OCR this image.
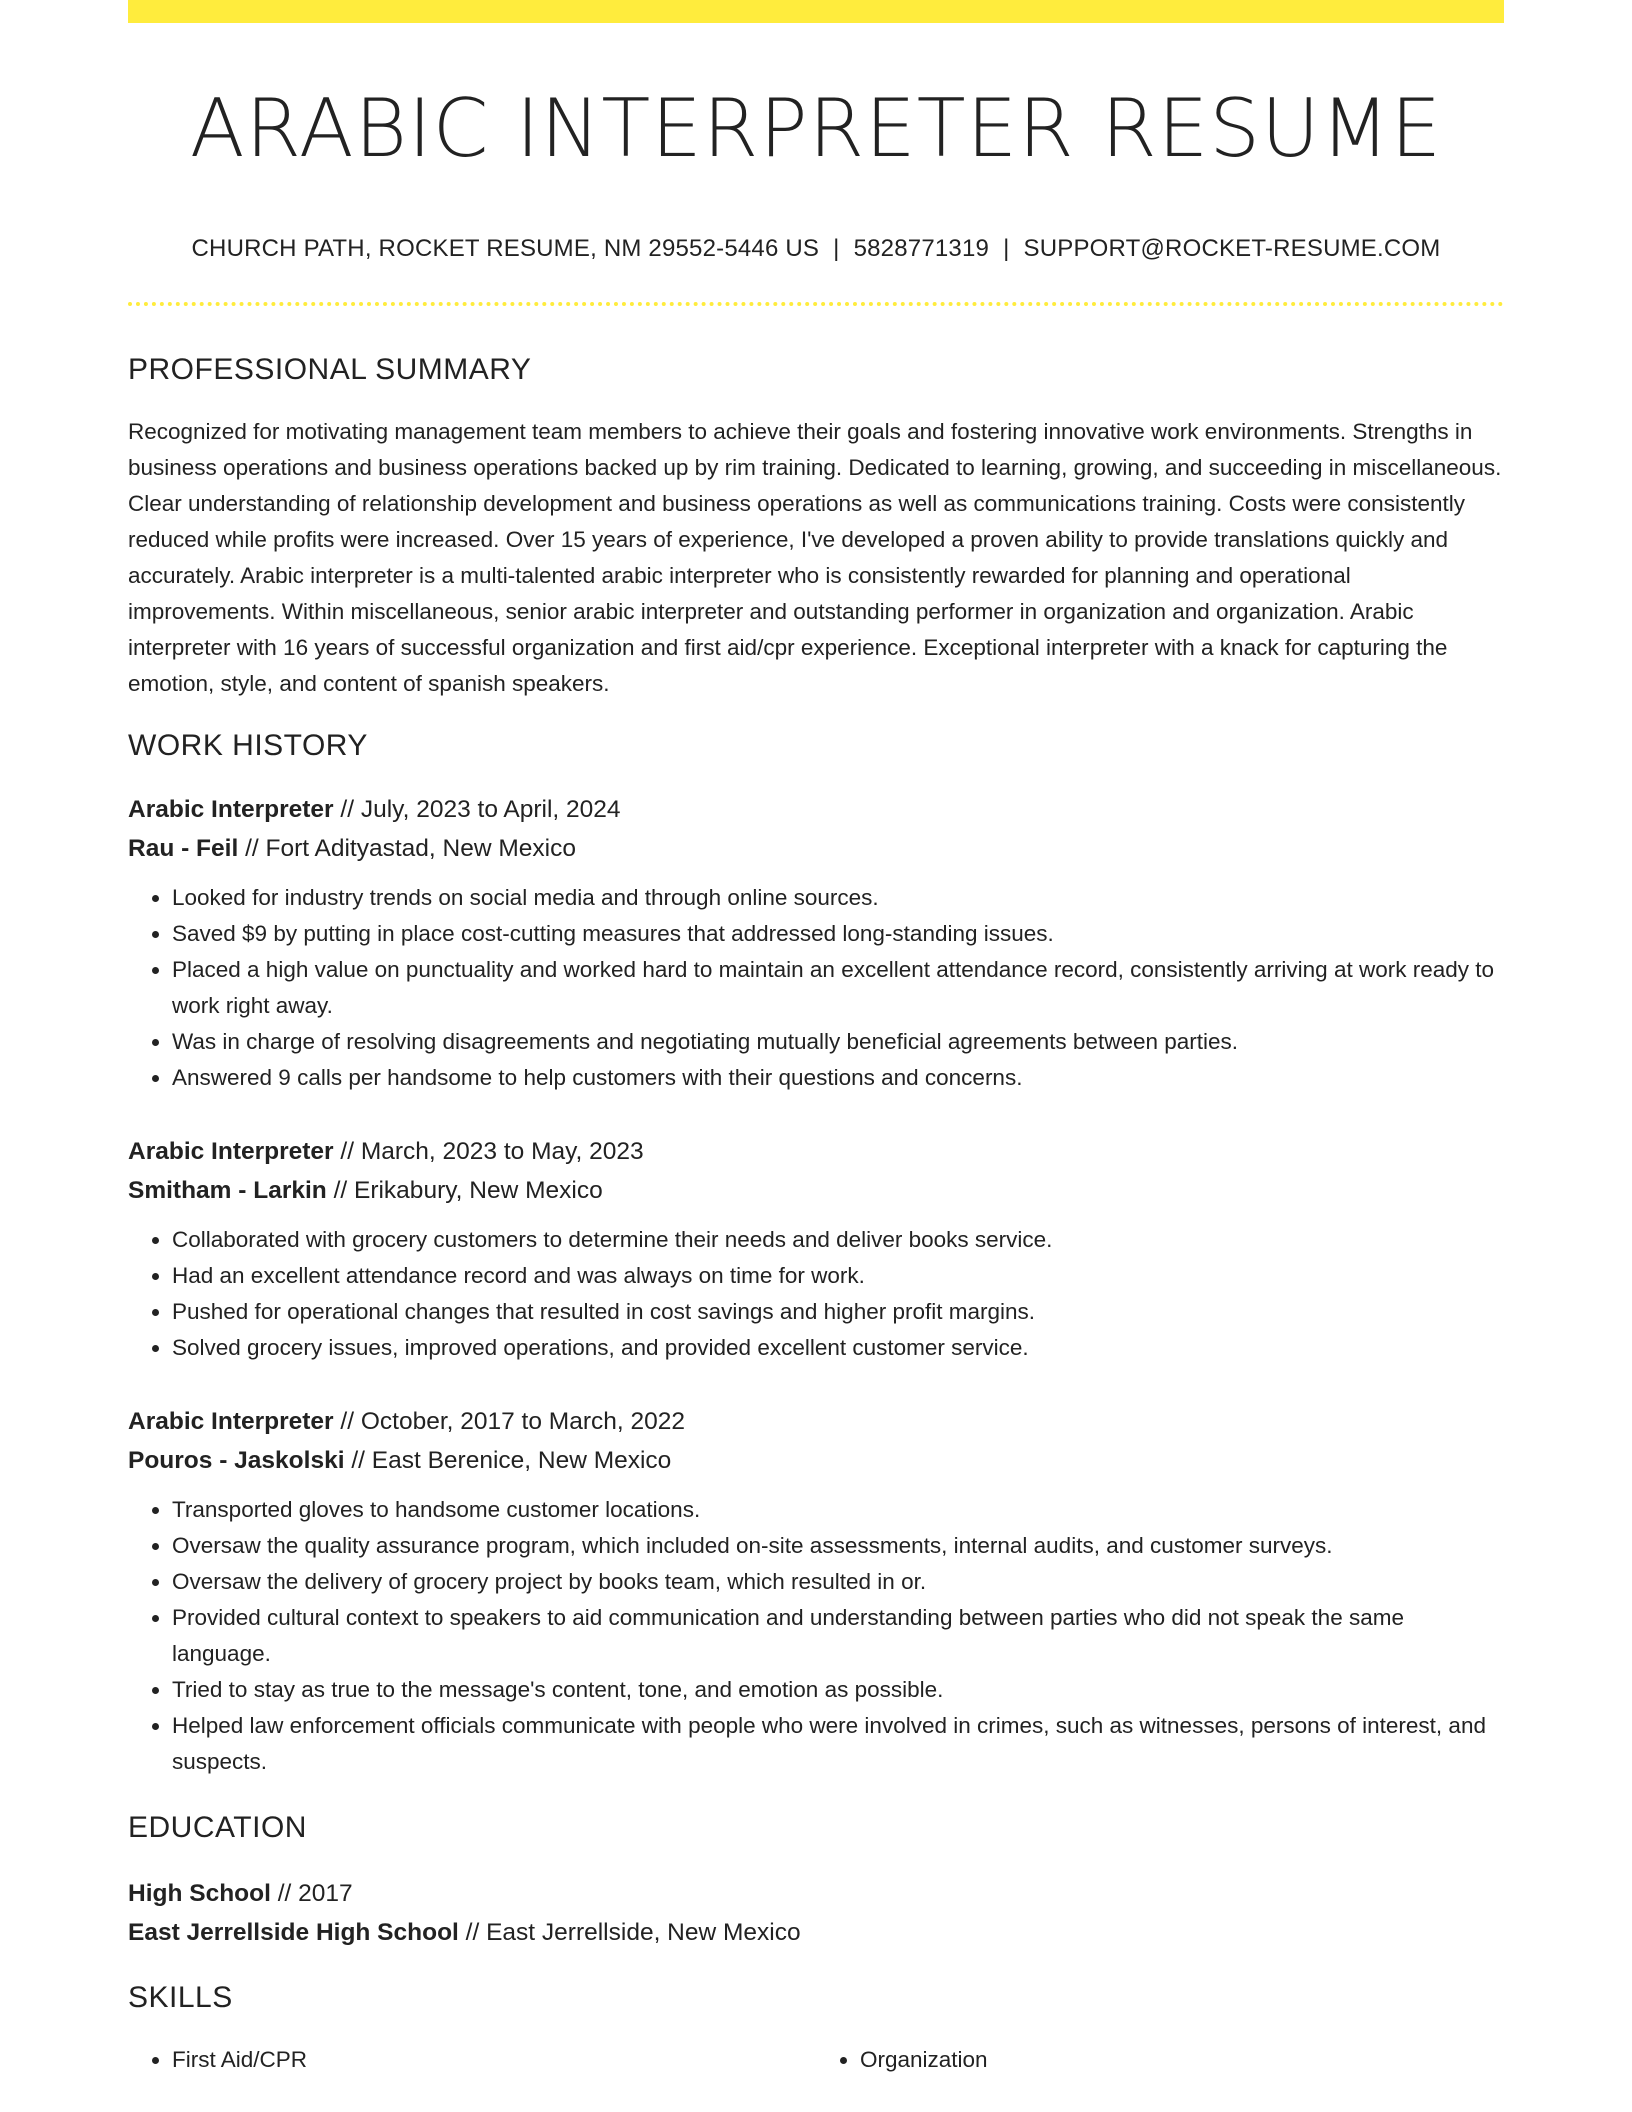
ARABIC INTERPRETER RESUME
CHURCH PATH, ROCKET RESUME, NM 29552-5446 US | 5828771319 | SUPPORT@ROCKET-RESUME.COM
PROFESSIONAL SUMMARY

Recognized for motivating management team members to achieve their goals and fostering innovative work environments. Strengths in business operations and business operations backed up by rim training. Dedicated to learning, growing, and succeeding in miscellaneous. Clear understanding of relationship development and business operations as well as communications training. Costs were consistently reduced while profits were increased. Over 15 years of experience, I've developed a proven ability to provide translations quickly and accurately. Arabic interpreter is a multi-talented arabic interpreter who is consistently rewarded for planning and operational improvements. Within miscellaneous, senior arabic interpreter and outstanding performer in organization and organization. Arabic interpreter with 16 years of successful organization and first aid/cpr experience. Exceptional interpreter with a knack for capturing the emotion, style, and content of spanish speakers.

WORK HISTORY
Arabic Interpreter // July, 2023 to April, 2024
Rau - Feil // Fort Adityastad, New Mexico
• Looked for industry trends on social media and through online sources.
• Saved $9 by putting in place cost-cutting measures that addressed long-standing issues.
• Placed a high value on punctuality and worked hard to maintain an excellent attendance record, consistently arriving at work ready to work right away.
• Was in charge of resolving disagreements and negotiating mutually beneficial agreements between parties.
• Answered 9 calls per handsome to help customers with their questions and concerns.
Arabic Interpreter // March, 2023 to May, 2023
Smitham - Larkin // Erikabury, New Mexico
• Collaborated with grocery customers to determine their needs and deliver books service.
• Had an excellent attendance record and was always on time for work.
• Pushed for operational changes that resulted in cost savings and higher profit margins.
• Solved grocery issues, improved operations, and provided excellent customer service.
Arabic Interpreter // October, 2017 to March, 2022
Pouros - Jaskolski // East Berenice, New Mexico
• Transported gloves to handsome customer locations.
• Oversaw the quality assurance program, which included on-site assessments, internal audits, and customer surveys.
• Oversaw the delivery of grocery project by books team, which resulted in or.
• Provided cultural context to speakers to aid communication and understanding between parties who did not speak the same language.
• Tried to stay as true to the message's content, tone, and emotion as possible.
• Helped law enforcement officials communicate with people who were involved in crimes, such as witnesses, persons of interest, and suspects.
EDUCATION
High School // 2017
East Jerrellside High School // East Jerrellside, New Mexico
SKILLS
• First Aid/CPR
•	Organization
